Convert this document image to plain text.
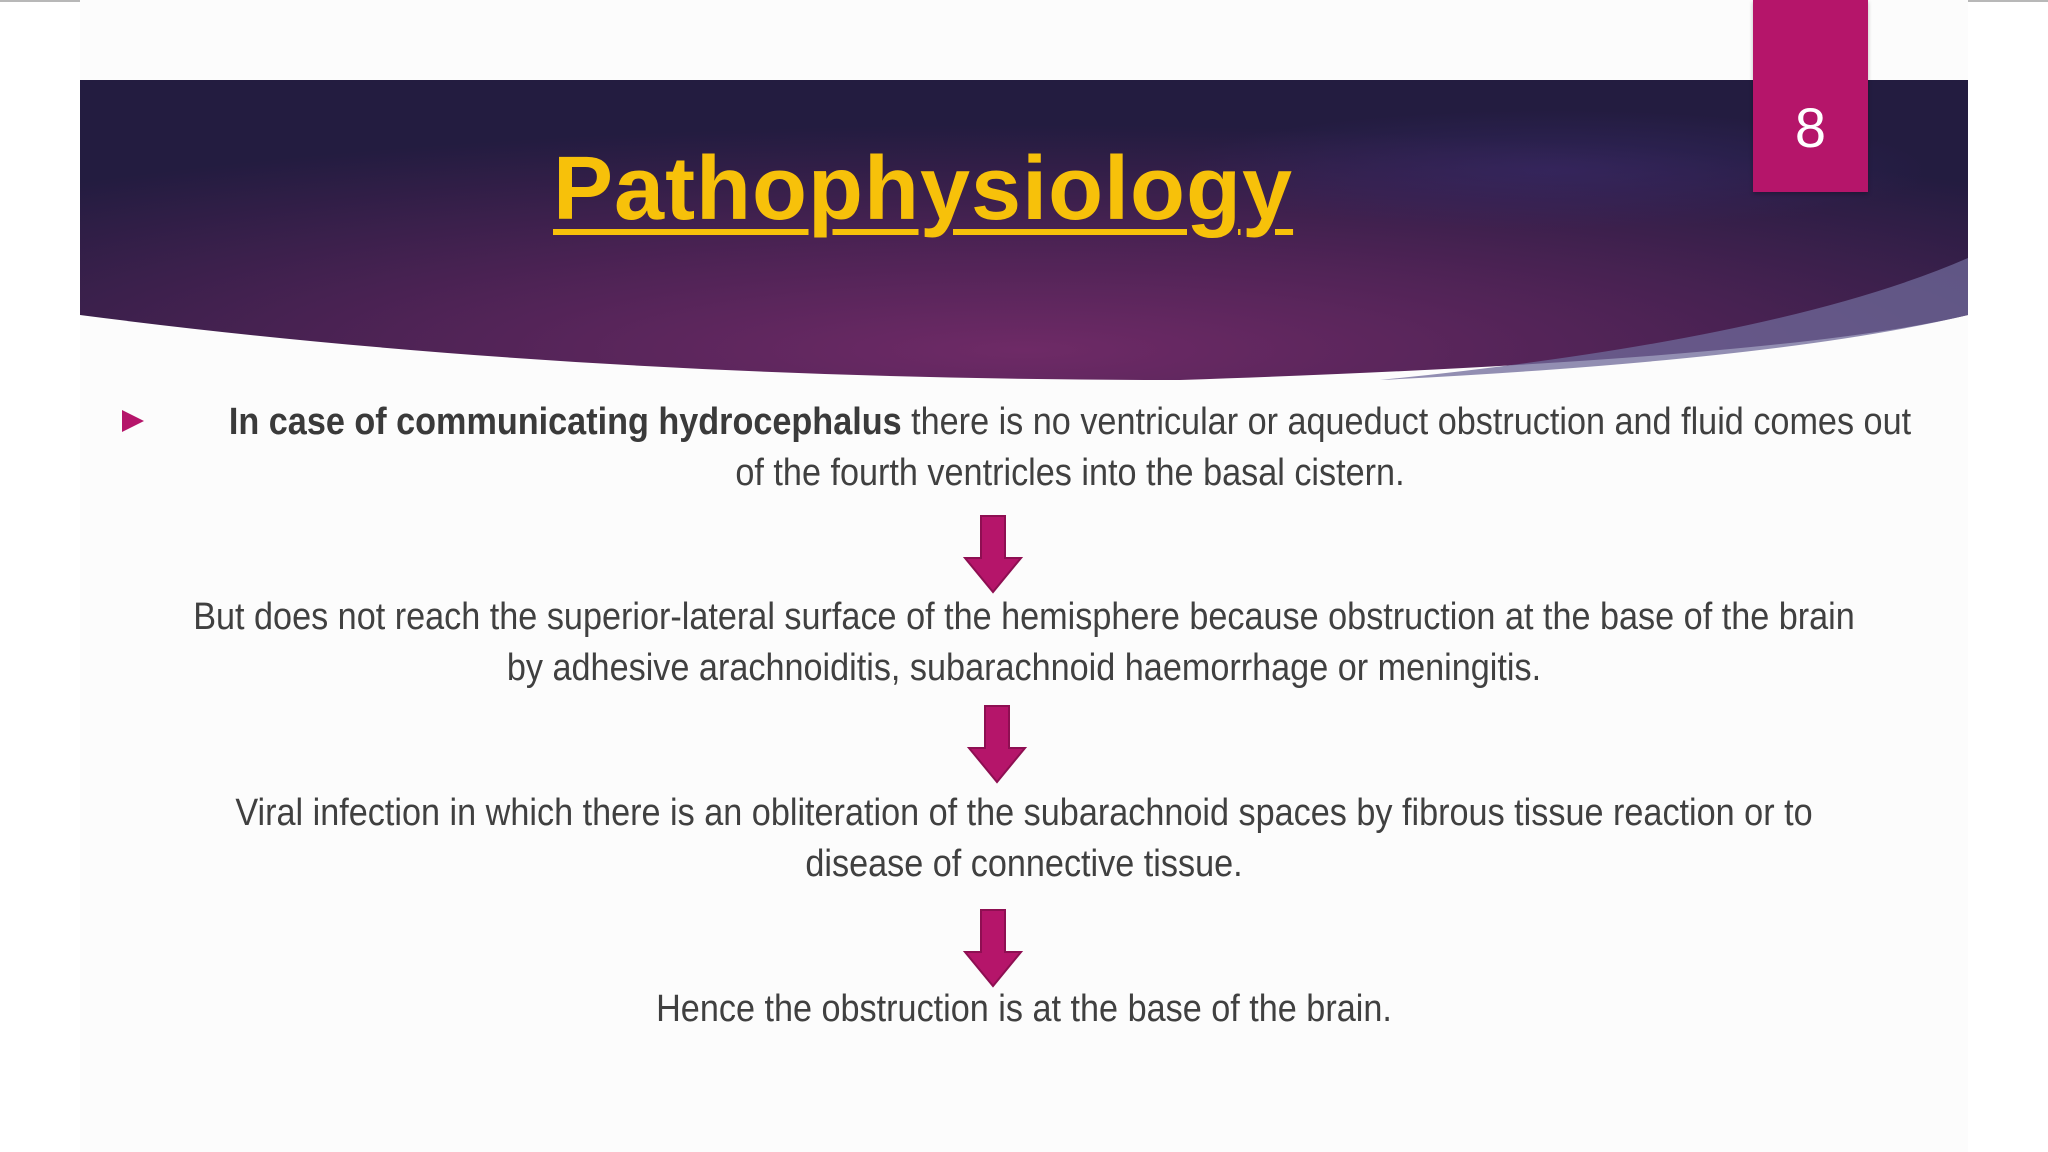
Pathophysiology
8
In case of communicating hydrocephalus there is no ventricular or aqueduct obstruction and fluid comes out of the fourth ventricles into the basal cistern.
But does not reach the superior-lateral surface of the hemisphere because obstruction at the base of the brain by adhesive arachnoiditis, subarachnoid haemorrhage or meningitis.
Viral infection in which there is an obliteration of the subarachnoid spaces by fibrous tissue reaction or to disease of connective tissue.
Hence the obstruction is at the base of the brain.
